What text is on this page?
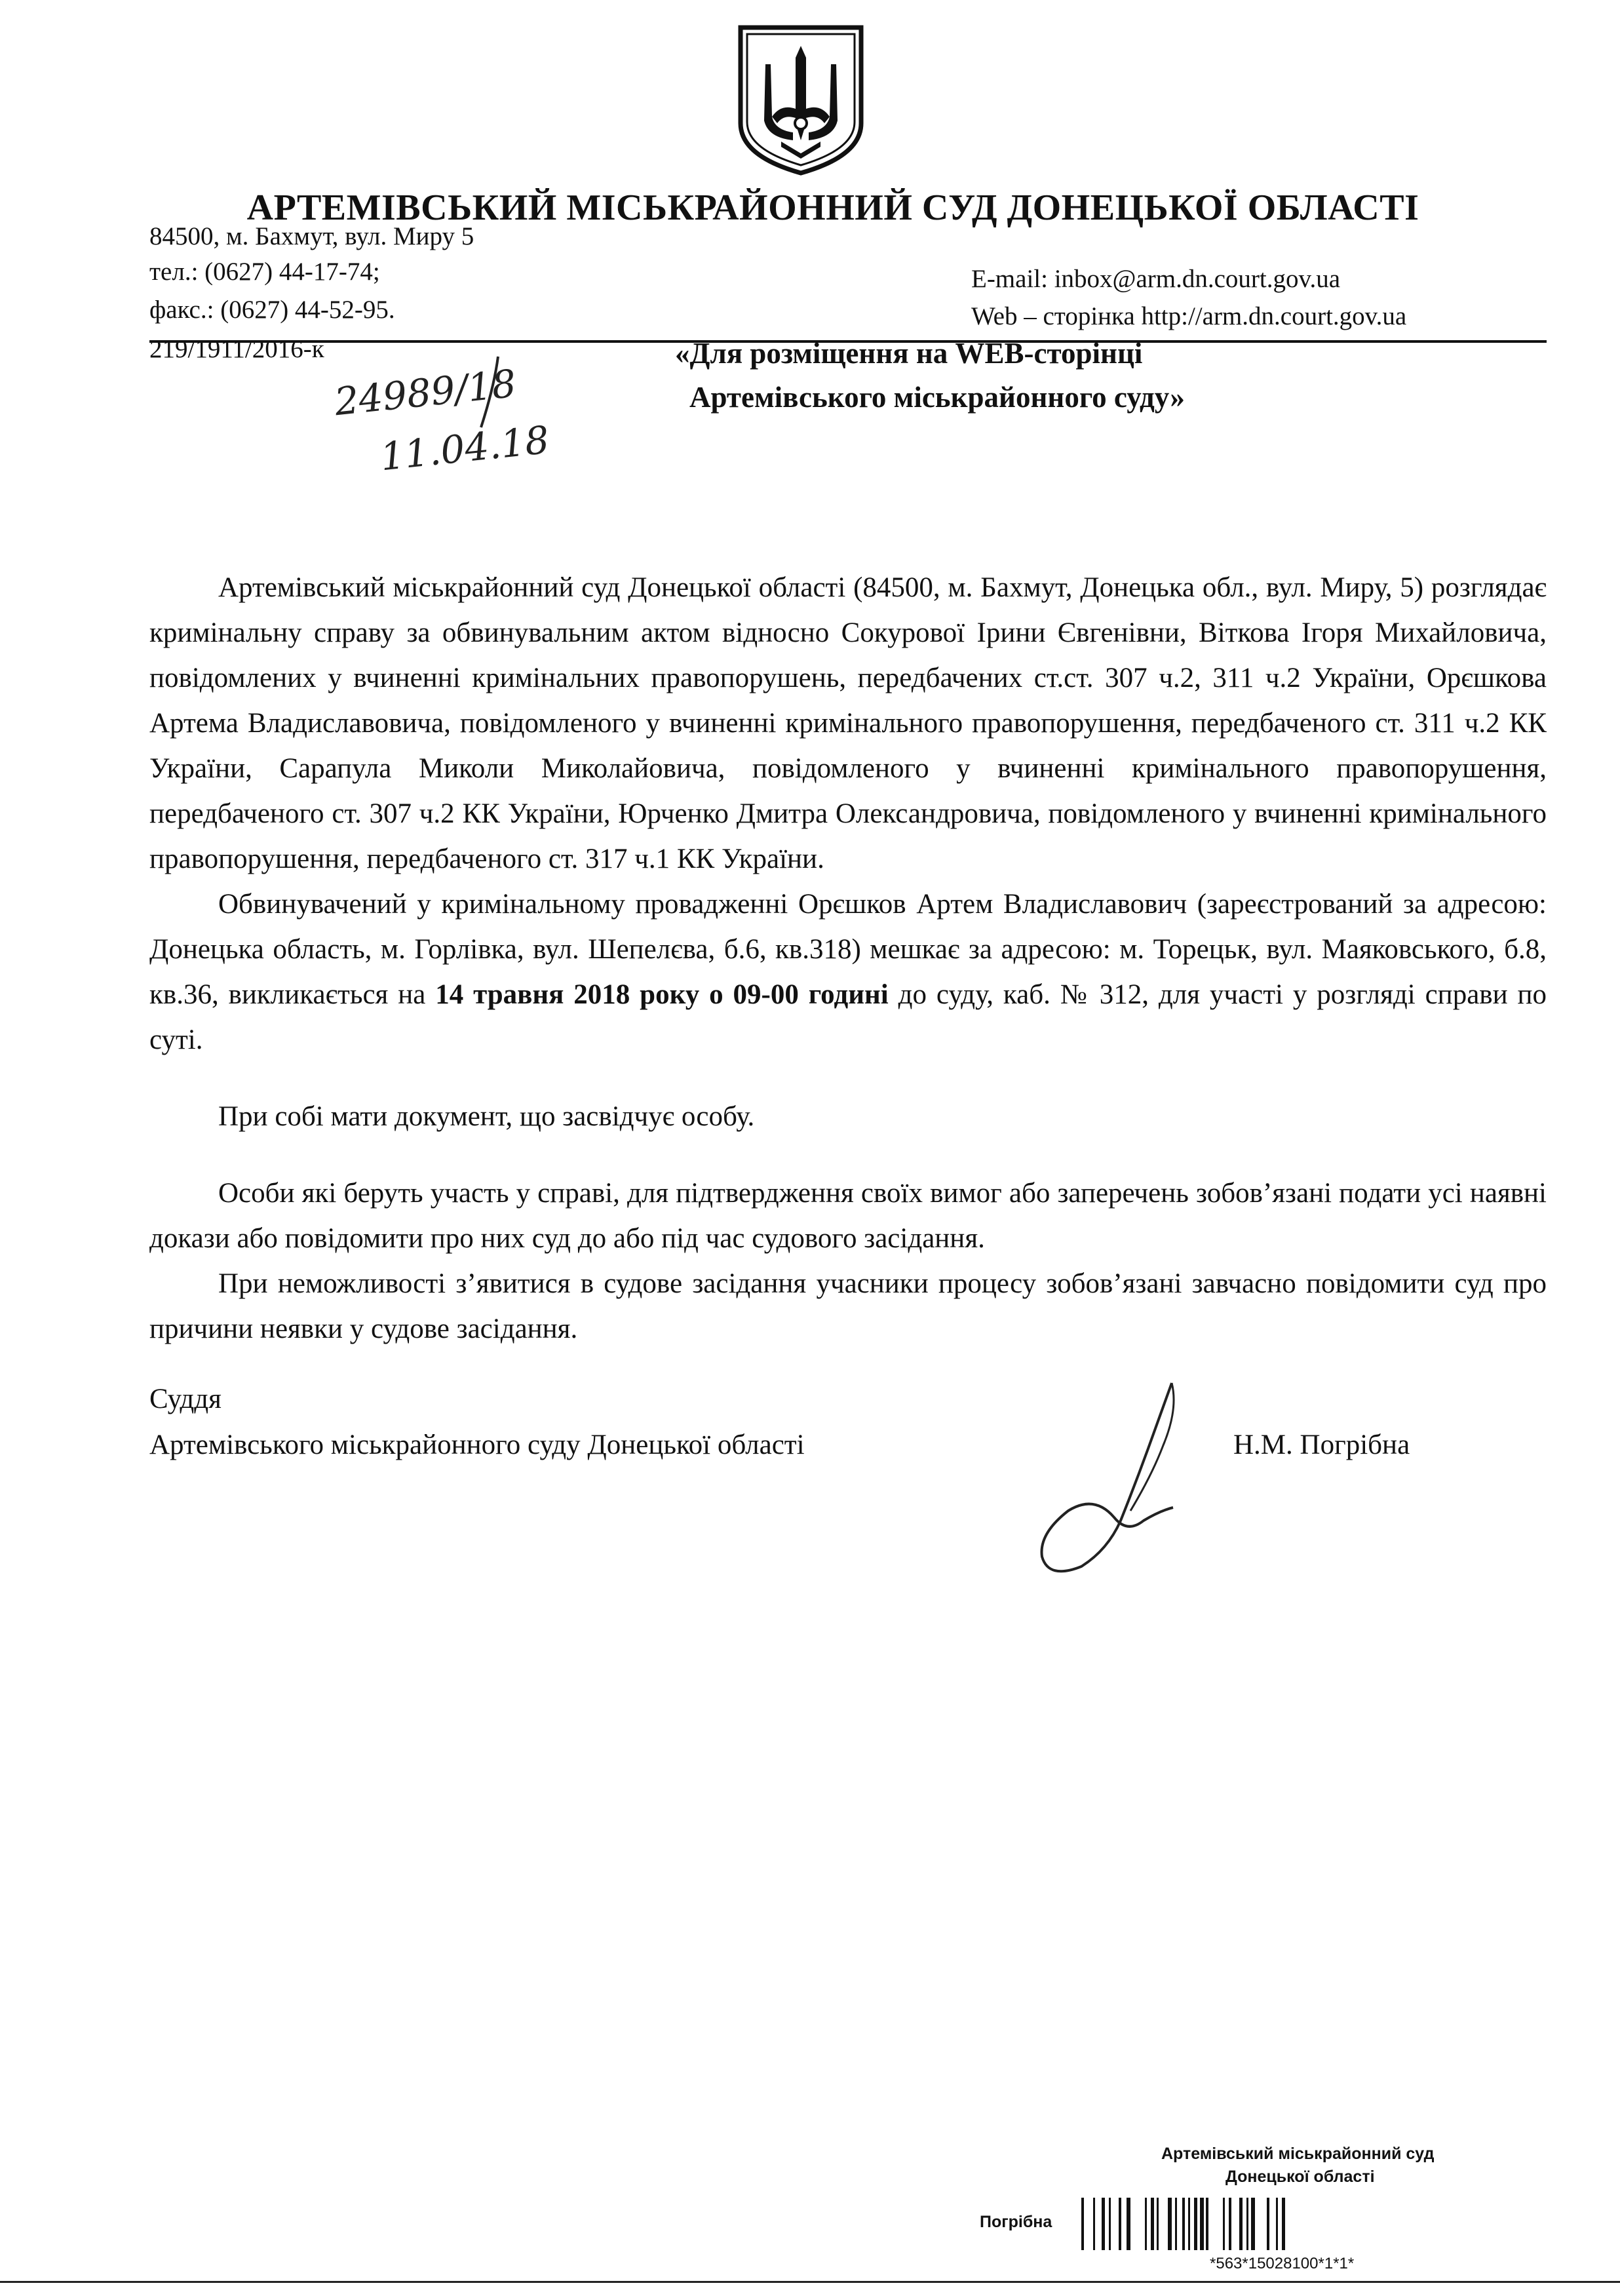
АРТЕМІВСЬКИЙ МІСЬКРАЙОННИЙ СУД ДОНЕЦЬКОЇ ОБЛАСТІ
84500, м. Бахмут, вул. Миру 5
тел.: (0627) 44-17-74;
факс.: (0627) 44-52-95.
E-mail: inbox@arm.dn.court.gov.ua
Web – сторінка http://arm.dn.court.gov.ua
219/1911/2016-к
24989/18
11.04.18
«Для розміщення на WEB-сторінці
Артемівського міськрайонного суду»

Артемівський міськрайонний суд Донецької області (84500, м. Бахмут, Донецька обл., вул. Миру, 5) розглядає кримінальну справу за обвинувальним актом відносно Сокурової Ірини Євгенівни, Віткова Ігоря Михайловича, повідомлених у вчиненні кримінальних правопорушень, передбачених ст.ст. 307 ч.2, 311 ч.2 України, Орєшкова Артема Владиславовича, повідомленого у вчиненні кримінального правопорушення, передбаченого ст. 311 ч.2 КК України, Сарапула Миколи Миколайовича, повідомленого у вчиненні кримінального правопорушення, передбаченого ст. 307 ч.2 КК України, Юрченко Дмитра Олександровича, повідомленого у вчиненні кримінального правопорушення, передбаченого ст. 317 ч.1 КК України.

Обвинувачений у кримінальному провадженні Орєшков Артем Владиславович (зареєстрований за адресою: Донецька область, м. Горлівка, вул. Шепелєва, б.6, кв.318) мешкає за адресою: м. Торецьк, вул. Маяковського, б.8, кв.36, викликається на 14 травня 2018 року о 09-00 годині до суду, каб. № 312, для участі у розгляді справи по суті.

При собі мати документ, що засвідчує особу.

Особи які беруть участь у справі, для підтвердження своїх вимог або заперечень зобов’язані подати усі наявні докази або повідомити про них суд до або під час судового засідання.

При неможливості з’явитися в судове засідання учасники процесу зобов’язані завчасно повідомити суд про причини неявки у судове засідання.

Суддя
Артемівського міськрайонного суду Донецької області	Н.М. Погрібна
Артемівський міськрайонний суд
Донецької області
Погрібна
*563*15028100*1*1*
